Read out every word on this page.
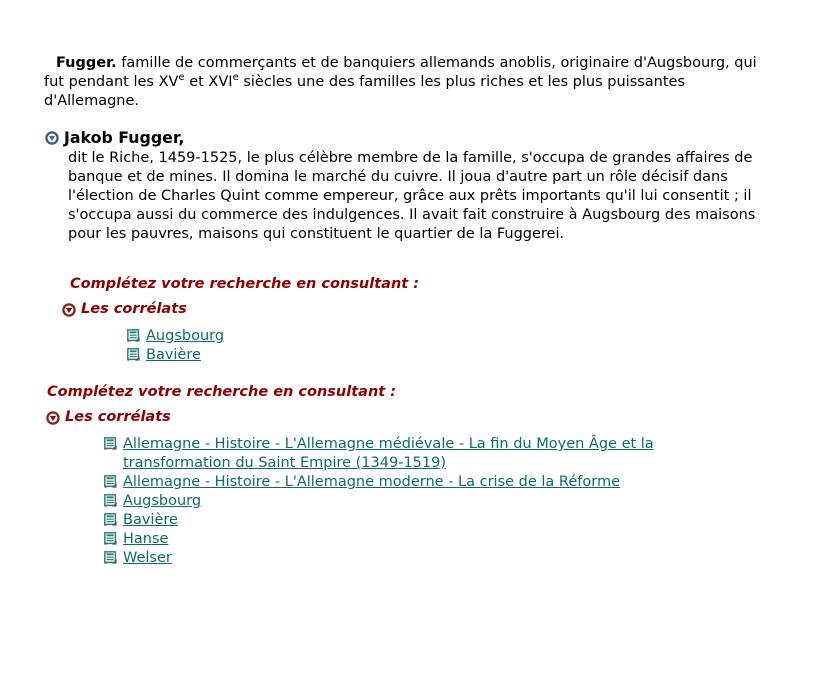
Fugger. famille de commerçants et de banquiers allemands anoblis, originaire d'Augsbourg, qui fut pendant les XVe et XVIe siècles une des familles les plus riches et les plus puissantes d'Allemagne.

Jakob Fugger,

dit le Riche, 1459-1525, le plus célèbre membre de la famille, s'occupa de grandes affaires de banque et de mines. Il domina le marché du cuivre. Il joua d'autre part un rôle décisif dans l'élection de Charles Quint comme empereur, grâce aux prêts importants qu'il lui consentit ; il s'occupa aussi du commerce des indulgences. Il avait fait construire à Augsbourg des maisons pour les pauvres, maisons qui constituent le quartier de la Fuggerei.

Complétez votre recherche en consultant :

Les corrélats
Augsbourg
Bavière

Complétez votre recherche en consultant :

Les corrélats
Allemagne - Histoire - L'Allemagne médiévale - La fin du Moyen Âge et la transformation du Saint Empire (1349-1519)
Allemagne - Histoire - L'Allemagne moderne - La crise de la Réforme
Augsbourg
Bavière
Hanse
Welser
